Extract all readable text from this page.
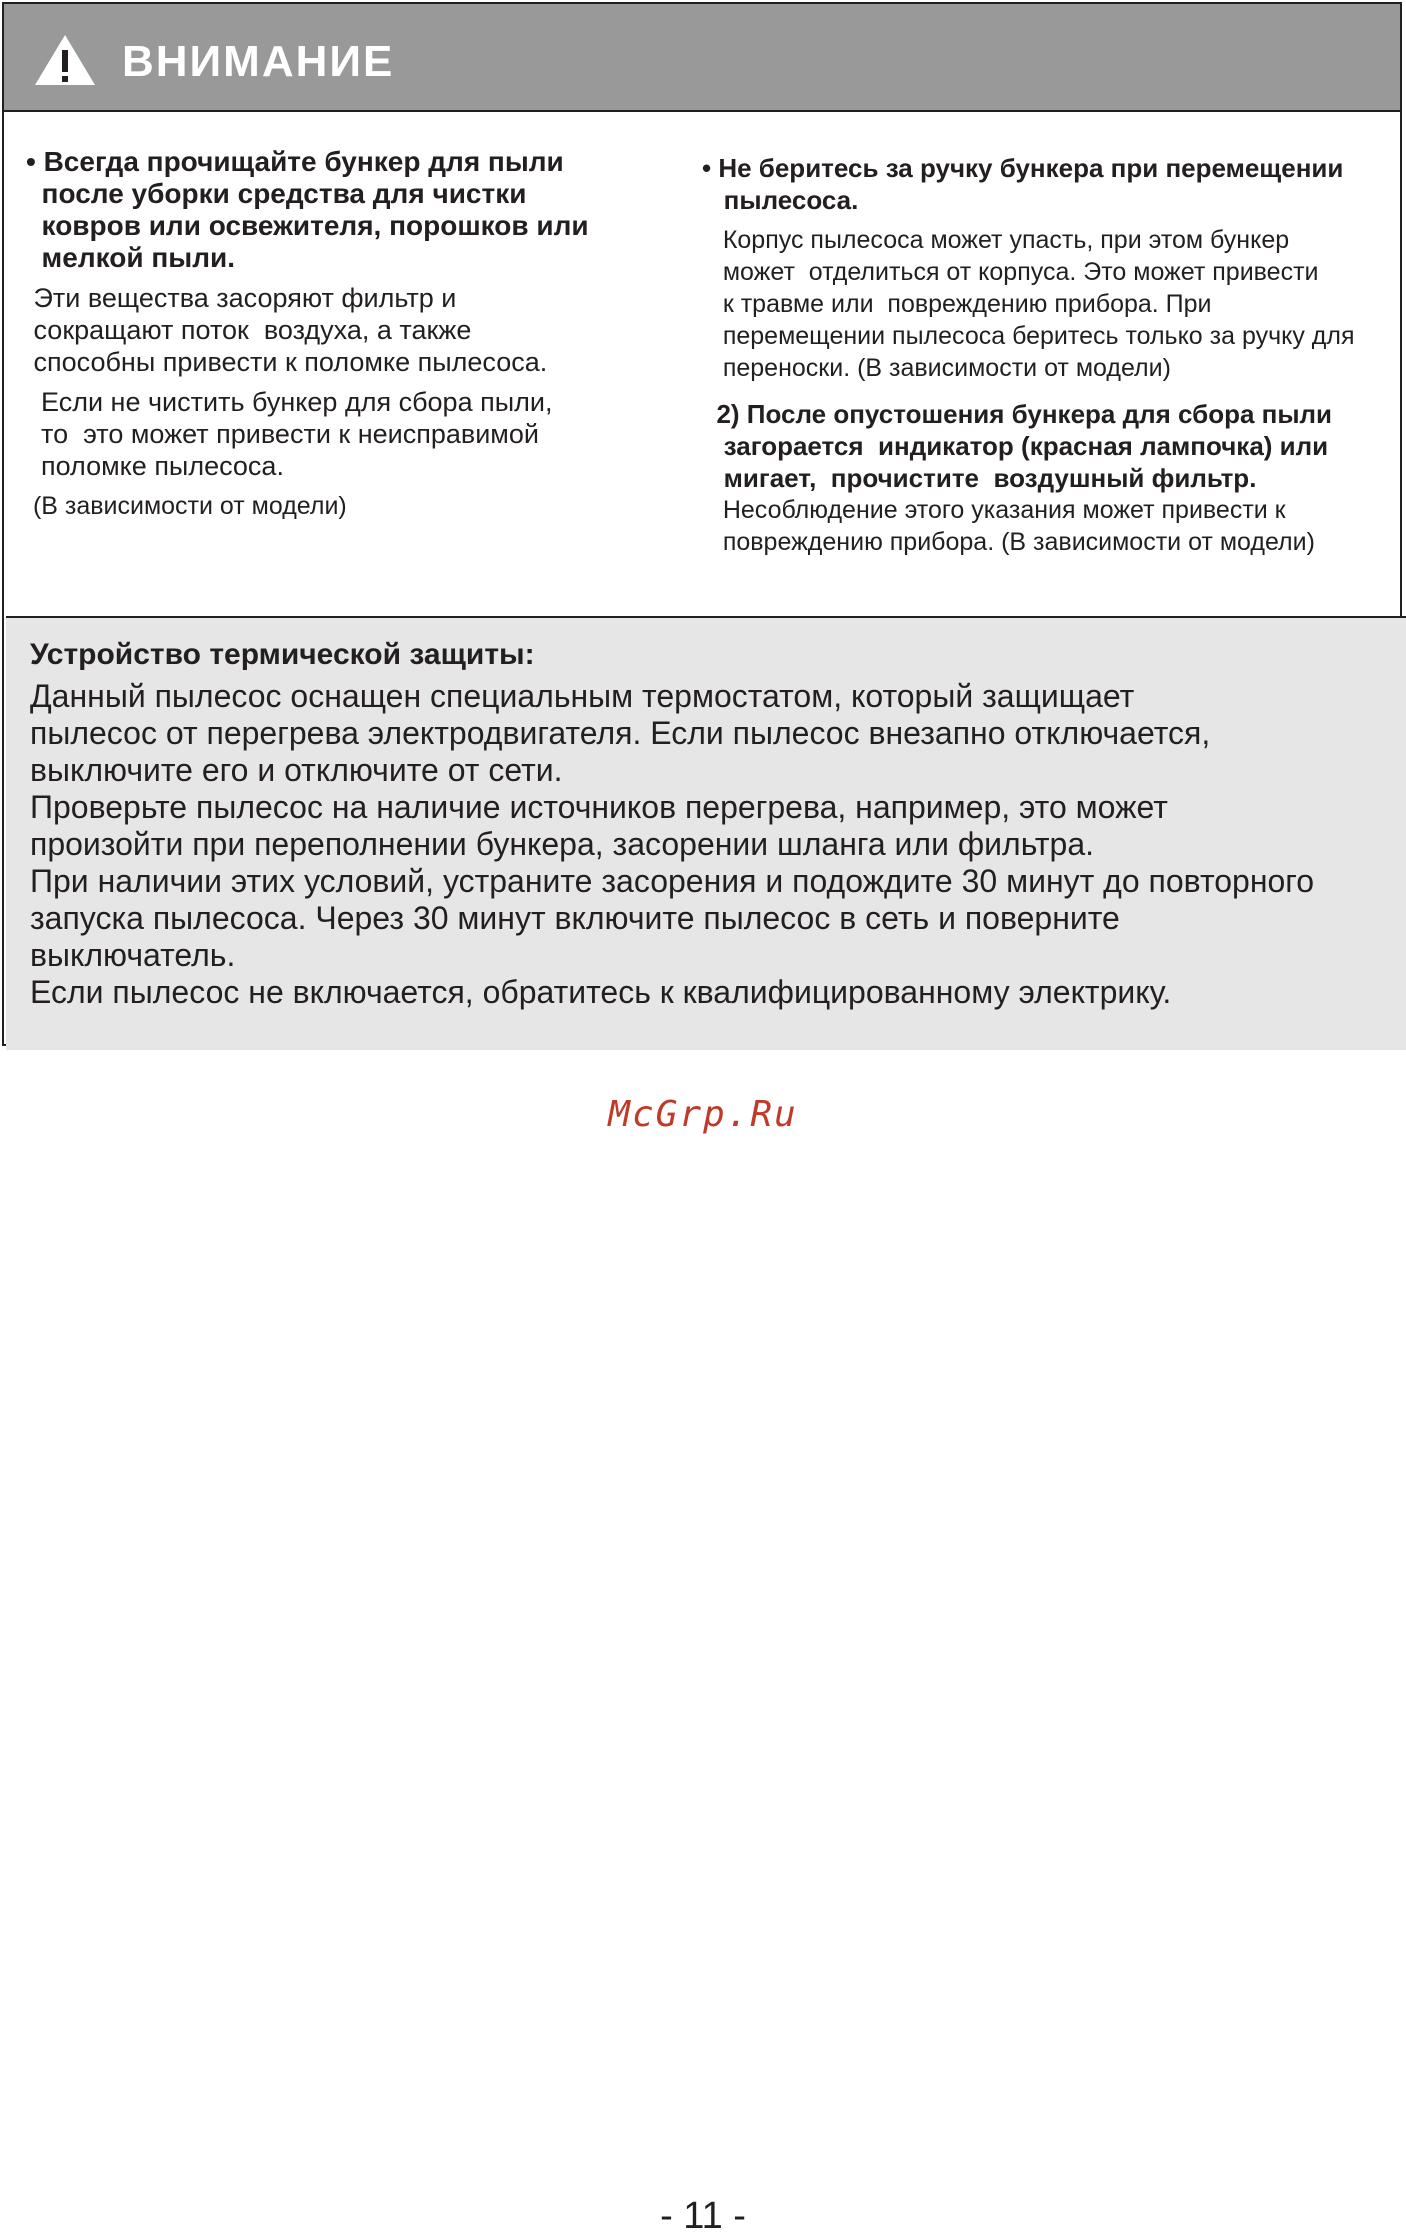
ВНИМАНИЕ

• Всегда прочищайте бункер для пыли
после уборки средства для чистки
ковров или освежителя, порошков или
мелкой пыли.

Эти вещества засоряют фильтр и
сокращают поток  воздуха, а также
способны привести к поломке пылесоса.

Если не чистить бункер для сбора пыли,
то  это может привести к неисправимой
поломке пылесоса.

(В зависимости от модели)

• Не беритесь за ручку бункера при перемещении
пылесоса.

Корпус пылесоса может упасть, при этом бункер
может  отделиться от корпуса. Это может привести
к травме или  повреждению прибора. При
перемещении пылесоса беритесь только за ручку для
переноски. (В зависимости от модели)

2) После опустошения бункера для сбора пыли
загорается  индикатор (красная лампочка) или
мигает,  прочистите  воздушный фильтр.

Несоблюдение этого указания может привести к
повреждению прибора. (В зависимости от модели)

Устройство термической защиты:

Данный пылесос оснащен специальным термостатом, который защищает
пылесос от перегрева электродвигателя. Если пылесос внезапно отключается,
выключите его и отключите от сети.

Проверьте пылесос на наличие источников перегрева, например, это может
произойти при переполнении бункера, засорении шланга или фильтра.

При наличии этих условий, устраните засорения и подождите 30 минут до повторного
запуска пылесоса. Через 30 минут включите пылесос в сеть и поверните
выключатель.

Если пылесос не включается, обратитесь к квалифицированному электрику.

McGrp.Ru
- 11 -
